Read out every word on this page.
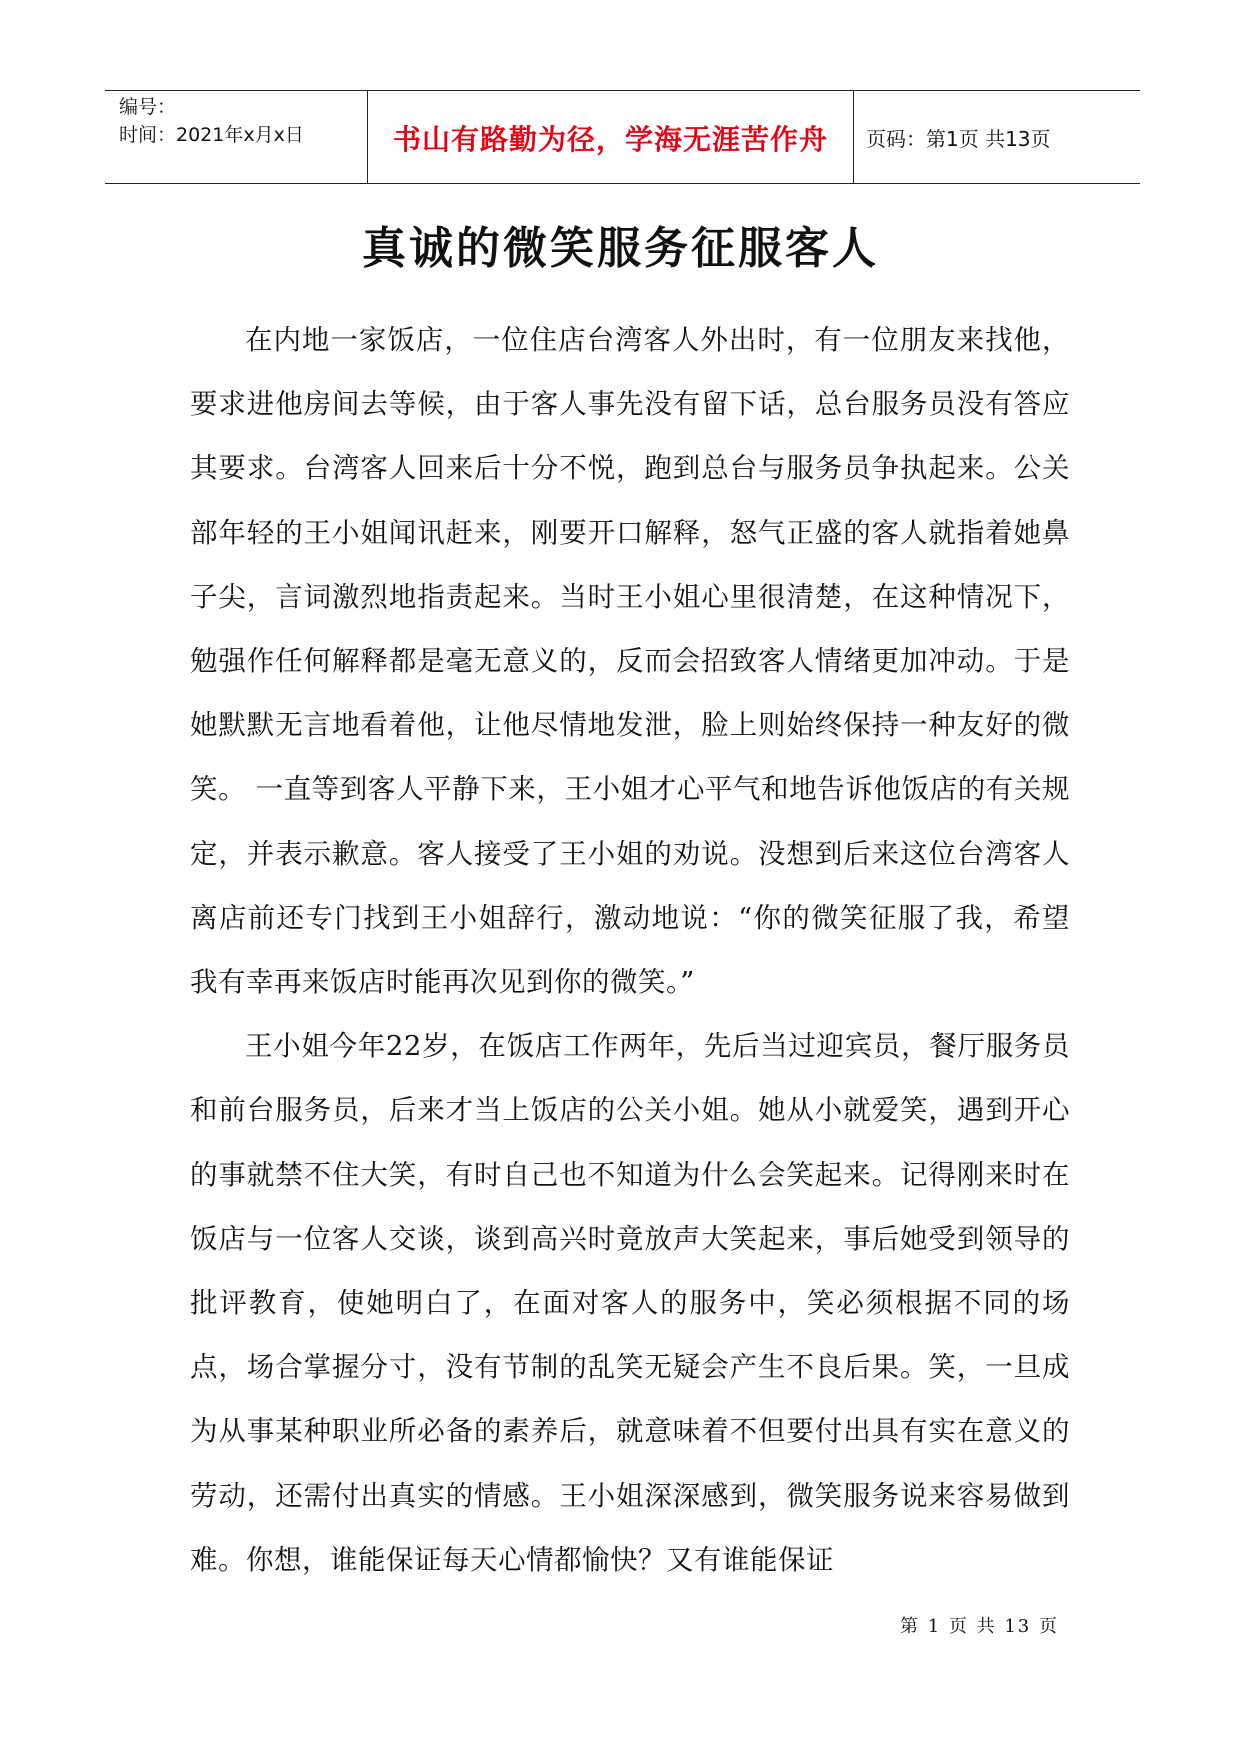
编号：
时间：2021年x月x日	书山有路勤为径，学海无涯苦作舟	页码：第1页 共13页
真诚的微笑服务征服客人

在内地一家饭店，一位住店台湾客人外出时，有一位朋友来找他，要求进他房间去等候，由于客人事先没有留下话，总台服务员没有答应其要求。台湾客人回来后十分不悦，跑到总台与服务员争执起来。公关部年轻的王小姐闻讯赶来，刚要开口解释，怒气正盛的客人就指着她鼻子尖，言词激烈地指责起来。当时王小姐心里很清楚，在这种情况下，勉强作任何解释都是毫无意义的，反而会招致客人情绪更加冲动。于是她默默无言地看着他，让他尽情地发泄，脸上则始终保持一种友好的微笑。 一直等到客人平静下来，王小姐才心平气和地告诉他饭店的有关规定，并表示歉意。客人接受了王小姐的劝说。没想到后来这位台湾客人离店前还专门找到王小姐辞行，激动地说：“你的微笑征服了我，希望我有幸再来饭店时能再次见到你的微笑。”

王小姐今年22岁，在饭店工作两年，先后当过迎宾员，餐厅服务员和前台服务员，后来才当上饭店的公关小姐。她从小就爱笑，遇到开心的事就禁不住大笑，有时自己也不知道为什么会笑起来。记得刚来时在饭店与一位客人交谈，谈到高兴时竟放声大笑起来，事后她受到领导的批评教育，使她明白了，在面对客人的服务中，笑必须根据不同的场点，场合掌握分寸，没有节制的乱笑无疑会产生不良后果。笑，一旦成为从事某种职业所必备的素养后，就意味着不但要付出具有实在意义的劳动，还需付出真实的情感。王小姐深深感到，微笑服务说来容易做到难。你想，谁能保证每天心情都愉快？又有谁能保证

第 1 页 共 13 页
